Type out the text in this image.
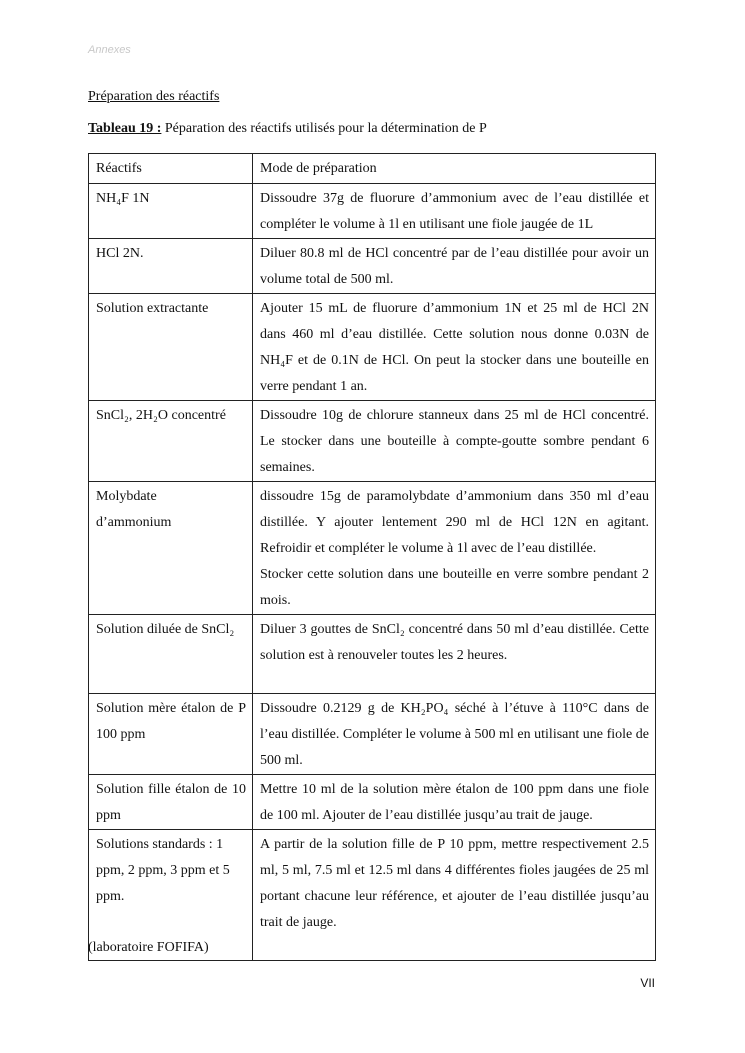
Annexes
Préparation des réactifs
Tableau 19 : Péparation des réactifs utilisés pour la détermination de P
Réactifs	Mode de préparation
NH₄F 1N	Dissoudre 37g de fluorure d’ammonium avec de l’eau distillée et compléter le volume à 1l en utilisant une fiole jaugée de 1L
HCl 2N.	Diluer 80.8 ml de HCl concentré par de l’eau distillée pour avoir un volume total de 500 ml.
Solution extractante	Ajouter 15 mL de fluorure d’ammonium 1N et 25 ml de HCl 2N dans 460 ml d’eau distillée. Cette solution nous donne 0.03N de NH₄F et de 0.1N de HCl. On peut la stocker dans une bouteille en verre pendant 1 an.
SnCl₂, 2H₂O concentré	Dissoudre 10g de chlorure stanneux dans 25 ml de HCl concentré. Le stocker dans une bouteille à compte-goutte sombre pendant 6 semaines.
Molybdate d’ammonium	dissoudre 15g de paramolybdate d’ammonium dans 350 ml d’eau distillée. Y ajouter lentement 290 ml de HCl 12N en agitant. Refroidir et compléter le volume à 1l avec de l’eau distillée.
Stocker cette solution dans une bouteille en verre sombre pendant 2 mois.

Solution diluée de SnCl₂	Diluer 3 gouttes de SnCl₂ concentré dans 50 ml d’eau distillée. Cette solution est à renouveler toutes les 2 heures.
Solution mère étalon de P 100 ppm	Dissoudre 0.2129 g de KH₂PO₄ séché à l’étuve à 110°C dans de l’eau distillée. Compléter le volume à 500 ml en utilisant une fiole de 500 ml.
Solution fille étalon de 10 ppm	Mettre 10 ml de la solution mère étalon de 100 ppm dans une fiole de 100 ml. Ajouter de l’eau distillée jusqu’au trait de jauge.
Solutions standards : 1 ppm, 2 ppm, 3 ppm et 5 ppm.	A partir de la solution fille de P 10 ppm, mettre respectivement 2.5 ml, 5 ml, 7.5 ml et 12.5 ml dans 4 différentes fioles jaugées de 25 ml portant chacune leur référence, et ajouter de l’eau distillée jusqu’au trait de jauge.
(laboratoire FOFIFA)
VII
